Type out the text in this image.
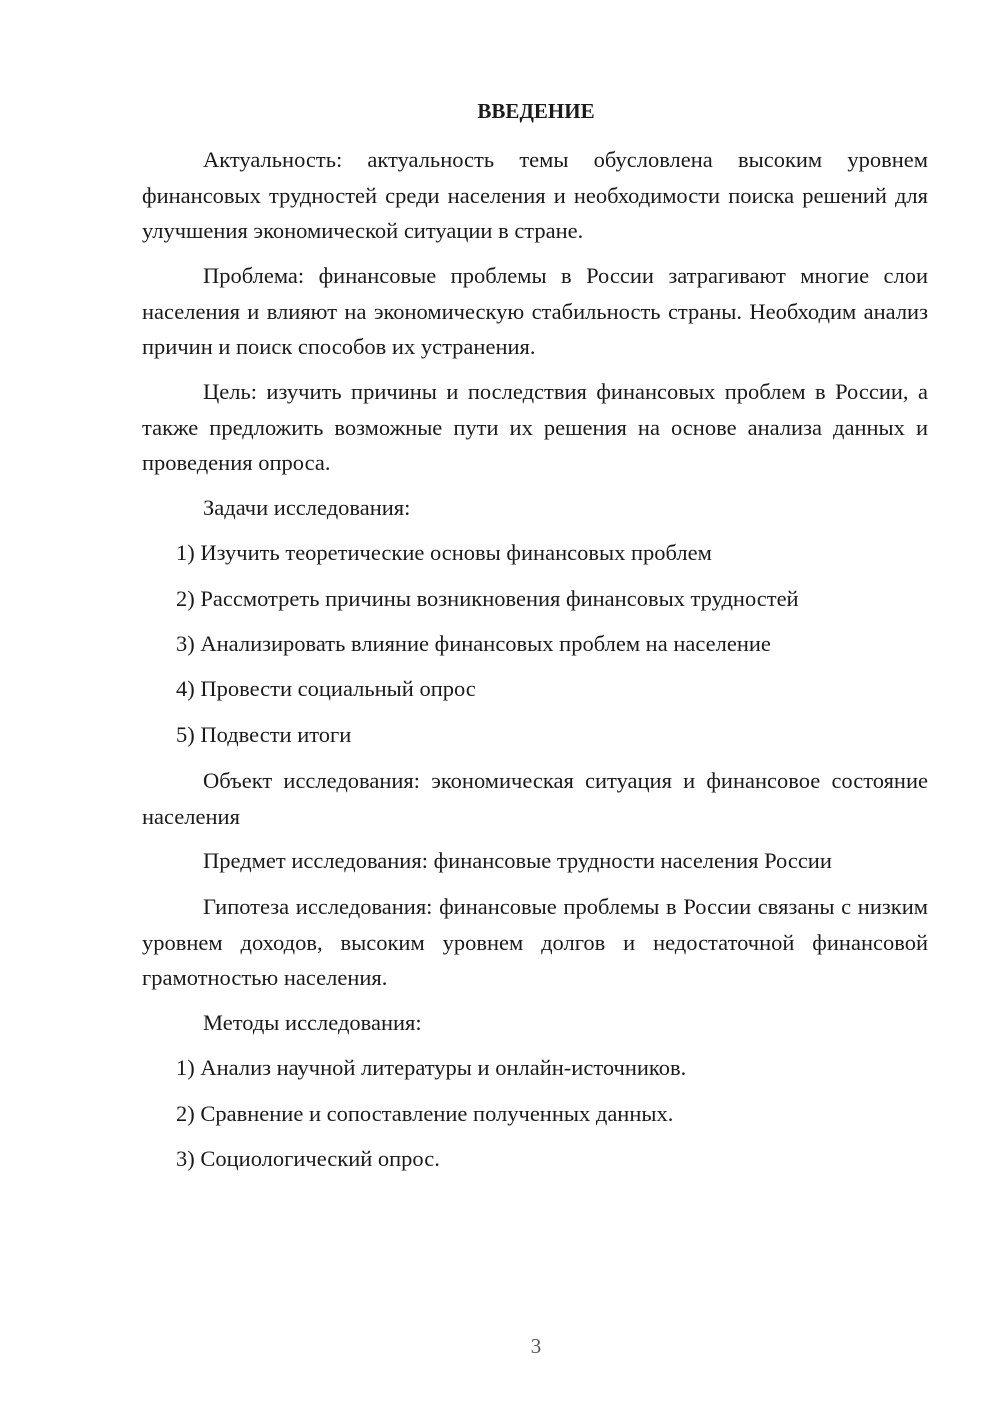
ВВЕДЕНИЕ

Актуальность: актуальность темы обусловлена высоким уровнем финансовых трудностей среди населения и необходимости поиска решений для улучшения экономической ситуации в стране.

Проблема: финансовые проблемы в России затрагивают многие слои населения и влияют на экономическую стабильность страны. Необходим анализ причин и поиск способов их устранения.

Цель: изучить причины и последствия финансовых проблем в России, а также предложить возможные пути их решения на основе анализа данных и проведения опроса.

Задачи исследования:

1) Изучить теоретические основы финансовых проблем

2) Рассмотреть причины возникновения финансовых трудностей

3) Анализировать влияние финансовых проблем на население

4) Провести социальный опрос

5) Подвести итоги

Объект исследования: экономическая ситуация и финансовое состояние населения

Предмет исследования: финансовые трудности населения России

Гипотеза исследования: финансовые проблемы в России связаны с низким уровнем доходов, высоким уровнем долгов и недостаточной финансовой грамотностью населения.

Методы исследования:

1) Анализ научной литературы и онлайн-источников.

2) Сравнение и сопоставление полученных данных.

3) Социологический опрос.

3
